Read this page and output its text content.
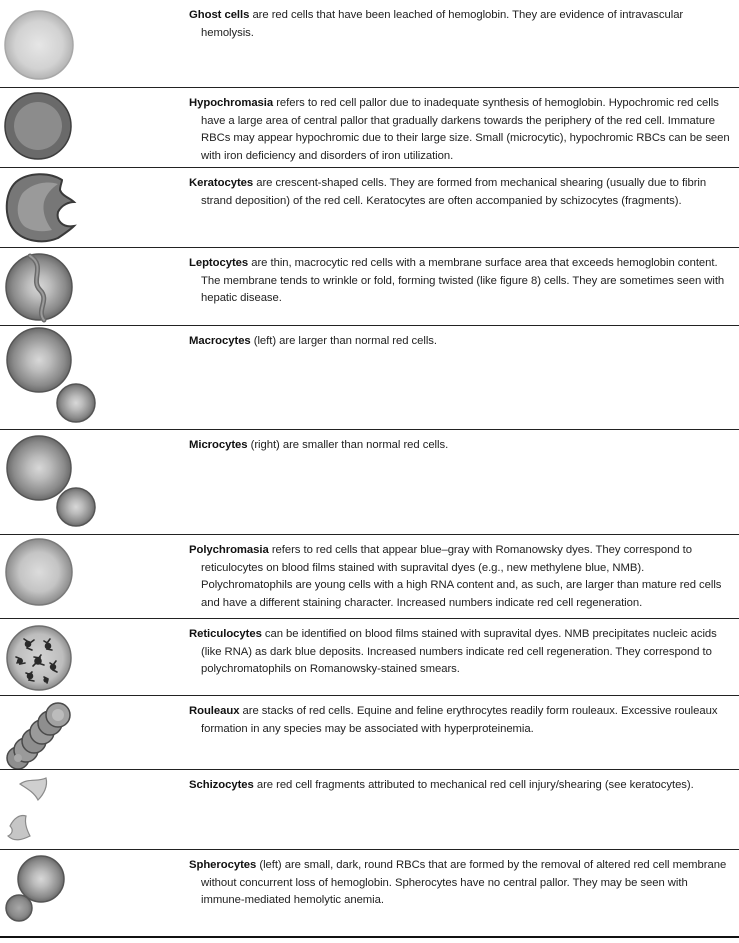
Ghost cells are red cells that have been leached of hemoglobin. They are evidence of intravascular hemolysis.
Hypochromasia refers to red cell pallor due to inadequate synthesis of hemoglobin. Hypochromic red cells have a large area of central pallor that gradually darkens towards the periphery of the red cell. Immature RBCs may appear hypochromic due to their large size. Small (microcytic), hypochromic RBCs can be seen with iron deficiency and disorders of iron utilization.
Keratocytes are crescent-shaped cells. They are formed from mechanical shearing (usually due to fibrin strand deposition) of the red cell. Keratocytes are often accompanied by schizocytes (fragments).
Leptocytes are thin, macrocytic red cells with a membrane surface area that exceeds hemoglobin content. The membrane tends to wrinkle or fold, forming twisted (like figure 8) cells. They are sometimes seen with hepatic disease.
Macrocytes (left) are larger than normal red cells.
Microcytes (right) are smaller than normal red cells.
Polychromasia refers to red cells that appear blue–gray with Romanowsky dyes. They correspond to reticulocytes on blood films stained with supravital dyes (e.g., new methylene blue, NMB). Polychromatophils are young cells with a high RNA content and, as such, are larger than mature red cells and have a different staining character. Increased numbers indicate red cell regeneration.
Reticulocytes can be identified on blood films stained with supravital dyes. NMB precipitates nucleic acids (like RNA) as dark blue deposits. Increased numbers indicate red cell regeneration. They correspond to polychromatophils on Romanowsky-stained smears.
Rouleaux are stacks of red cells. Equine and feline erythrocytes readily form rouleaux. Excessive rouleaux formation in any species may be associated with hyperproteinemia.
Schizocytes are red cell fragments attributed to mechanical red cell injury/shearing (see keratocytes).
Spherocytes (left) are small, dark, round RBCs that are formed by the removal of altered red cell membrane without concurrent loss of hemoglobin. Spherocytes have no central pallor. They may be seen with immune-mediated hemolytic anemia.
